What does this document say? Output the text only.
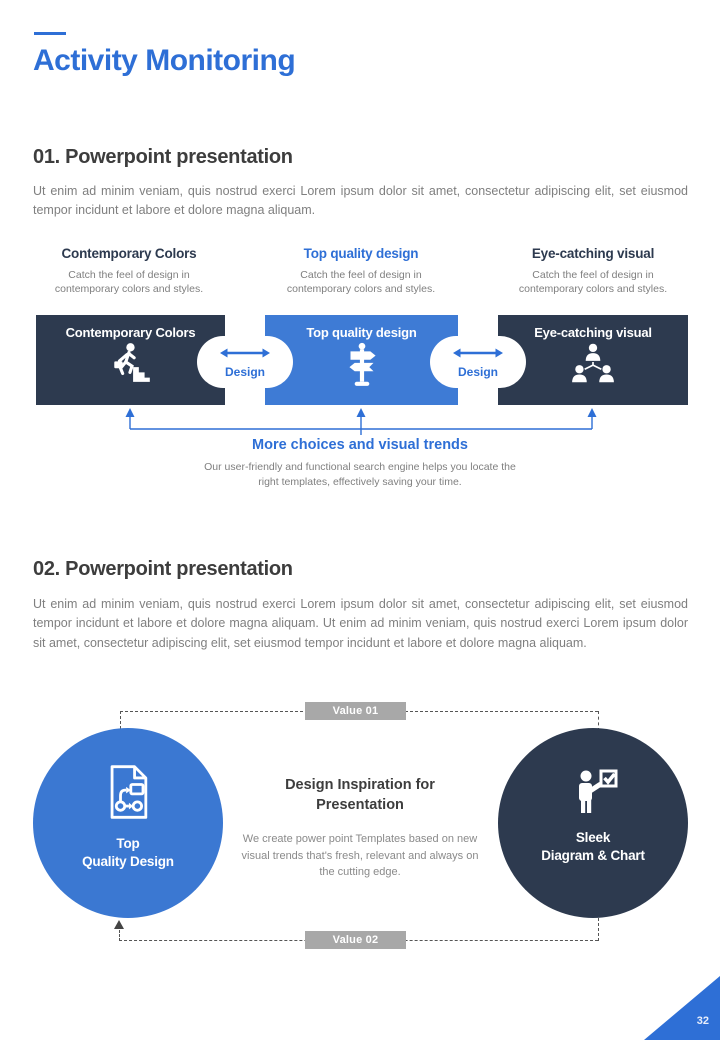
Activity Monitoring
01. Powerpoint presentation
Ut enim ad minim veniam, quis nostrud exerci Lorem ipsum dolor sit amet, consectetur adipiscing elit, set eiusmod tempor incidunt et labore et dolore magna aliquam.
Contemporary Colors
Catch the feel of design in contemporary colors and styles.
Top quality design
Catch the feel of design in contemporary colors and styles.
Eye-catching visual
Catch the feel of design in contemporary colors and styles.
Contemporary Colors	Top quality design	Eye-catching visual
Design	Design
More choices and visual trends
Our user-friendly and functional search engine helps you locate the right templates, effectively saving your time.
02. Powerpoint presentation
Ut enim ad minim veniam, quis nostrud exerci Lorem ipsum dolor sit amet, consectetur adipiscing elit, set eiusmod tempor incidunt et labore et dolore magna aliquam. Ut enim ad minim veniam, quis nostrud exerci Lorem ipsum dolor sit amet, consectetur adipiscing elit, set eiusmod tempor incidunt et labore et dolore magna aliquam.
Value 01
Top
Quality Design
Sleek
Diagram & Chart
Design Inspiration for Presentation
We create power point Templates based on new visual trends that's fresh, relevant and always on the cutting edge.
Value 02
32
